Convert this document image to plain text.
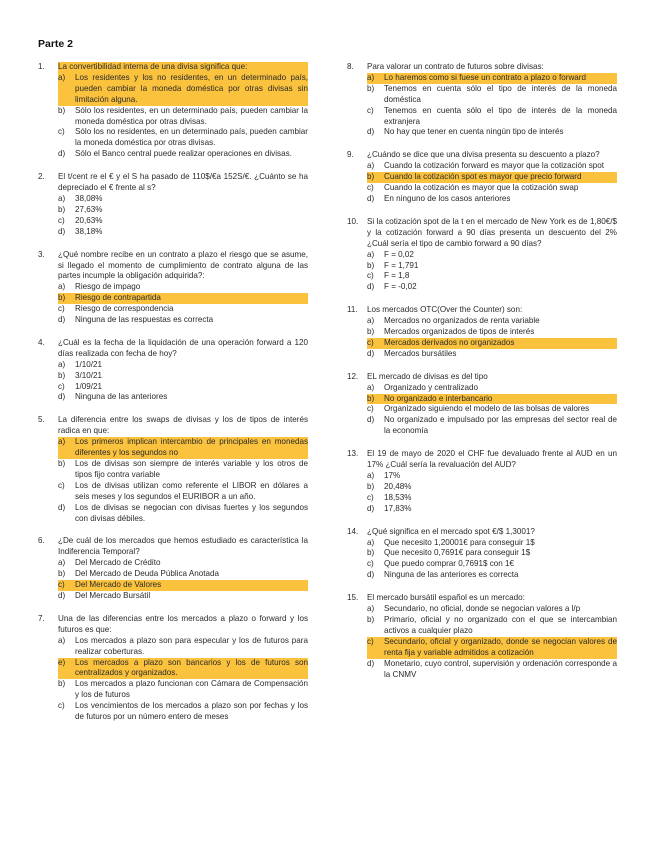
Parte 2
1.	La convertibilidad interna de una divisa significa que:
a)	Los residentes y los no residentes, en un determinado país, pueden cambiar la moneda doméstica por otras divisas sin limitación alguna.
b)	Sólo los residentes, en un determinado país, pueden cambiar la moneda doméstica por otras divisas.
c)	Sólo los no residentes, en un determinado país, pueden cambiar la moneda doméstica por otras divisas.
d)	Sólo el Banco central puede realizar operaciones en divisas.
2.	El t/cent re el € y el S ha pasado de 110$/€a 152S/€. ¿Cuánto se ha depreciado el € frente al s?
a)	38,08%
b)	27,63%
c)	20,63%
d)	38,18%
3.	¿Qué nombre recibe en un contrato a plazo el riesgo que se asume, si llegado el momento de cumplimiento de contrato alguna de las partes incumple la obligación adquirida?:
a)	Riesgo de impago
b)	Riesgo de contrapartida
c)	Riesgo de correspondencia
d)	Ninguna de las respuestas es correcta
4.	¿Cuál es la fecha de la liquidación de una operación forward a 120 días realizada con fecha de hoy?
a)	1/10/21
b)	3/10/21
c)	1/09/21
d)	Ninguna de las anteriores
5.	La diferencia entre los swaps de divisas y los de tipos de interés radica en que:
a)	Los primeros implican intercambio de principales en monedas diferentes y los segundos no
b)	Los de divisas son siempre de interés variable y los otros de tipos fijo contra variable
c)	Los de divisas utilizan como referente el LIBOR en dólares a seis meses y los segundos el EURIBOR a un año.
d)	Los de divisas se negocian con divisas fuertes y los segundos con divisas débiles.
6.	¿De cuál de los mercados que hemos estudiado es característica la Indiferencia Temporal?
a)	Del Mercado de Crédito
b)	Del Mercado de Deuda Pública Anotada
c)	Del Mercado de Valores
d)	Del Mercado Bursátil
7.	Una de las diferencias entre los mercados a plazo o forward y los futuros es que:
a)	Los mercados a plazo son para especular y los de futuros para realizar coberturas.
e)	Los mercados a plazo son bancarios y los de futuros son centralizados y organizados.
b)	Los mercados a plazo funcionan con Cámara de Compensación y los de futuros
c)	Los vencimientos de los mercados a plazo son por fechas y los de futuros por un número entero de meses
8.	Para valorar un contrato de futuros sobre divisas:
a)	Lo haremos como si fuese un contrato a plazo o forward
b)	Tenemos en cuenta sólo el tipo de interés de la moneda doméstica
c)	Tenemos en cuenta sólo el tipo de interés de la moneda extranjera
d)	No hay que tener en cuenta ningún tipo de interés
9.	¿Cuándo se dice que una divisa presenta su descuento a plazo?
a)	Cuando la cotización forward es mayor que la cotización spot
b)	Cuando la cotización spot es mayor que precio forward
c)	Cuando la cotización es mayor que la cotización swap
d)	En ninguno de los casos anteriores
10.	Si la cotización spot de la t en el mercado de New York es de 1,80€/$ y la cotización forward a 90 días presenta un descuento del 2% ¿Cuál sería el tipo de cambio forward a 90 días?
a)	F = 0,02
b)	F = 1,791
c)	F = 1,8
d)	F = -0,02
11.	Los mercados OTC(Over the Counter) son:
a)	Mercados no organizados de renta variable
b)	Mercados organizados de tipos de interés
c)	Mercados derivados no organizados
d)	Mercados bursátiles
12.	EL mercado de divisas es del tipo
a)	Organizado y centralizado
b)	No organizado e interbancario
c)	Organizado siguiendo el modelo de las bolsas de valores
d)	No organizado e impulsado por las empresas del sector real de la economía
13.	El 19 de mayo de 2020 el CHF fue devaluado frente al AUD en un 17% ¿Cuál sería la revaluación del AUD?
a)	17%
b)	20,48%
c)	18,53%
d)	17,83%
14.	¿Qué significa en el mercado spot €/$ 1,3001?
a)	Que necesito 1,20001€ para conseguir 1$
b)	Que necesito 0,7691€ para conseguir 1$
c)	Que puedo comprar 0,7691$ con 1€
d)	Ninguna de las anteriores es correcta
15.	El mercado bursátil español es un mercado:
a)	Secundario, no oficial, donde se negocian valores a l/p
b)	Primario, oficial y no organizado con el que se intercambian activos a cualquier plazo
c)	Secundario, oficial y organizado, donde se negocian valores de renta fija y variable admitidos a cotización
d)	Monetario, cuyo control, supervisión y ordenación corresponde a la CNMV
